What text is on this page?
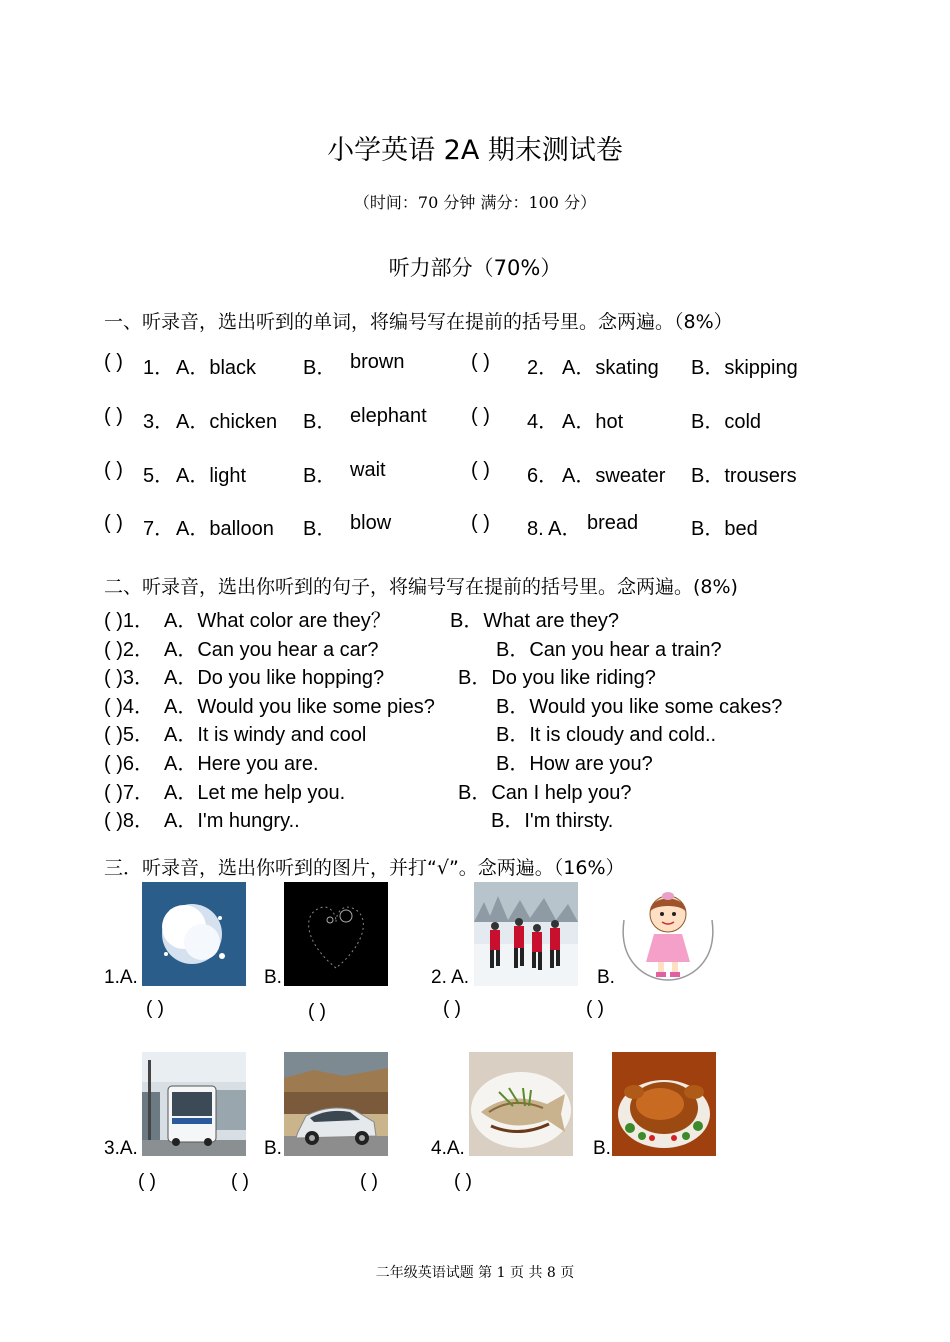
小学英语 2A 期末测试卷
（时间：70 分钟 满分：100 分）
听力部分（70%）
一、听录音，选出听到的单词，将编号写在提前的括号里。念两遍。（8%）
( ) 1． A．black B． brown	( ) 2． A．skating B．skipping
( ) 3． A．chicken B． elephant ( ) 4． A．hot	B．cold
( ) 5． A．light	B． wait	( ) 6． A．sweater B．trousers
( ) 7． A．balloon B． blow	( ) 8. A． bread	B．bed
二、听录音，选出你听到的句子，将编号写在提前的括号里。念两遍。(8%)
( )1． A．What color are they？	B．What are they?
( )2． A．Can you hear a car?	B．Can you hear a train?
( )3． A．Do you like hopping?	B．Do you like riding?
( )4． A．Would you like some pies?	B．Would you like some cakes?
( )5． A．It is windy and cool	B．It is cloudy and cold..
( )6． A．Here you are.	B．How are you?
( )7． A．Let me help you.	B．Can I help you?
( )8． A．I'm hungry..	B．I'm thirsty.
三．听录音，选出你听到的图片，并打“√”。念两遍。（16%）
1.A.	B.	2. A.	B.
( )	( )	( )	( )
3.A.	B.	4.A.	B.
( )	( )	( )	( )
二年级英语试题 第 1 页 共 8 页
